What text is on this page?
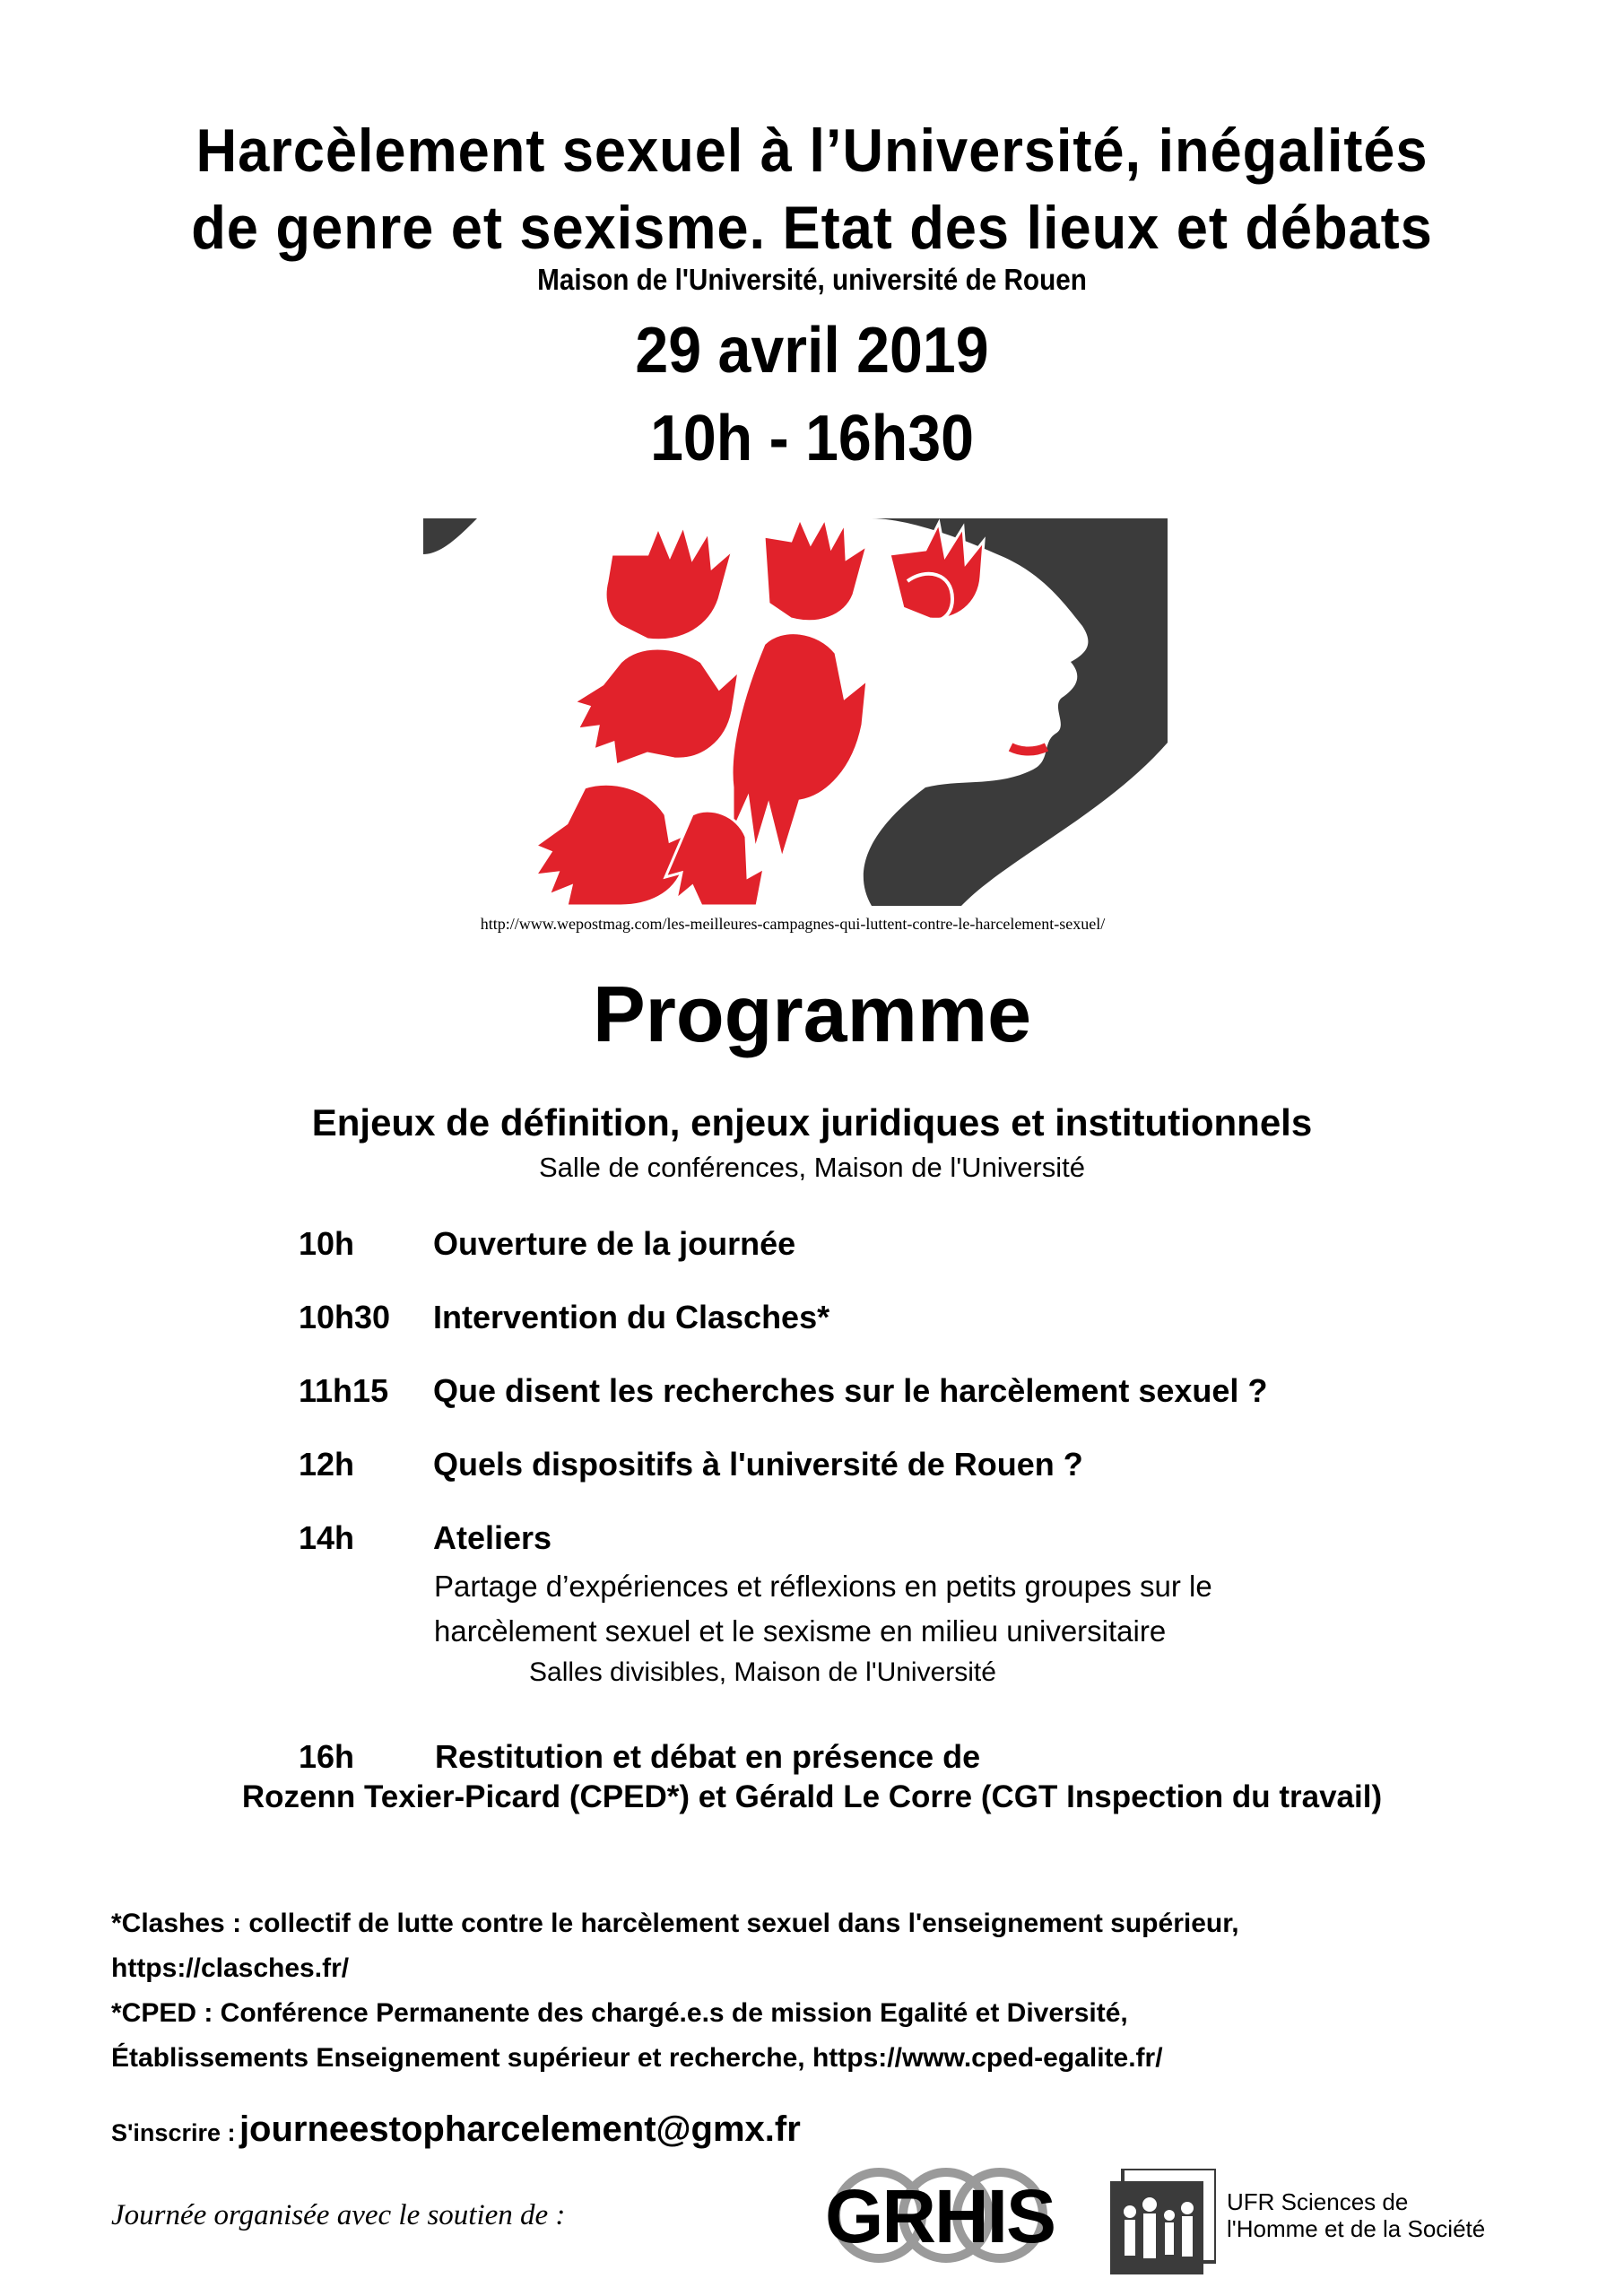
Harcèlement sexuel à l’Université, inégalités
de genre et sexisme. Etat des lieux et débats
Maison de l'Université, université de Rouen
29 avril 2019
10h - 16h30
http://www.wepostmag.com/les-meilleures-campagnes-qui-luttent-contre-le-harcelement-sexuel/
Programme
Enjeux de définition, enjeux juridiques et institutionnels
Salle de conférences, Maison de l'Université
10h Ouverture de la journée
10h30 Intervention du Clasches*
11h15 Que disent les recherches sur le harcèlement sexuel ?
12h Quels dispositifs à l'université de Rouen ?
14h Ateliers
Partage d’expériences et réflexions en petits groupes sur le
harcèlement sexuel et le sexisme en milieu universitaire
Salles divisibles, Maison de l'Université
16h Restitution et débat en présence de
Rozenn Texier-Picard (CPED*) et Gérald Le Corre (CGT Inspection du travail)
*Clashes : collectif de lutte contre le harcèlement sexuel dans l'enseignement supérieur,
https://clasches.fr/
*CPED : Conférence Permanente des chargé.e.s de mission Egalité et Diversité,
Établissements Enseignement supérieur et recherche, https://www.cped-egalite.fr/
S'inscrire : journeestopharcelement@gmx.fr
Journée organisée avec le soutien de :	GRHIS	UFR Sciences de
l'Homme et de la Société
